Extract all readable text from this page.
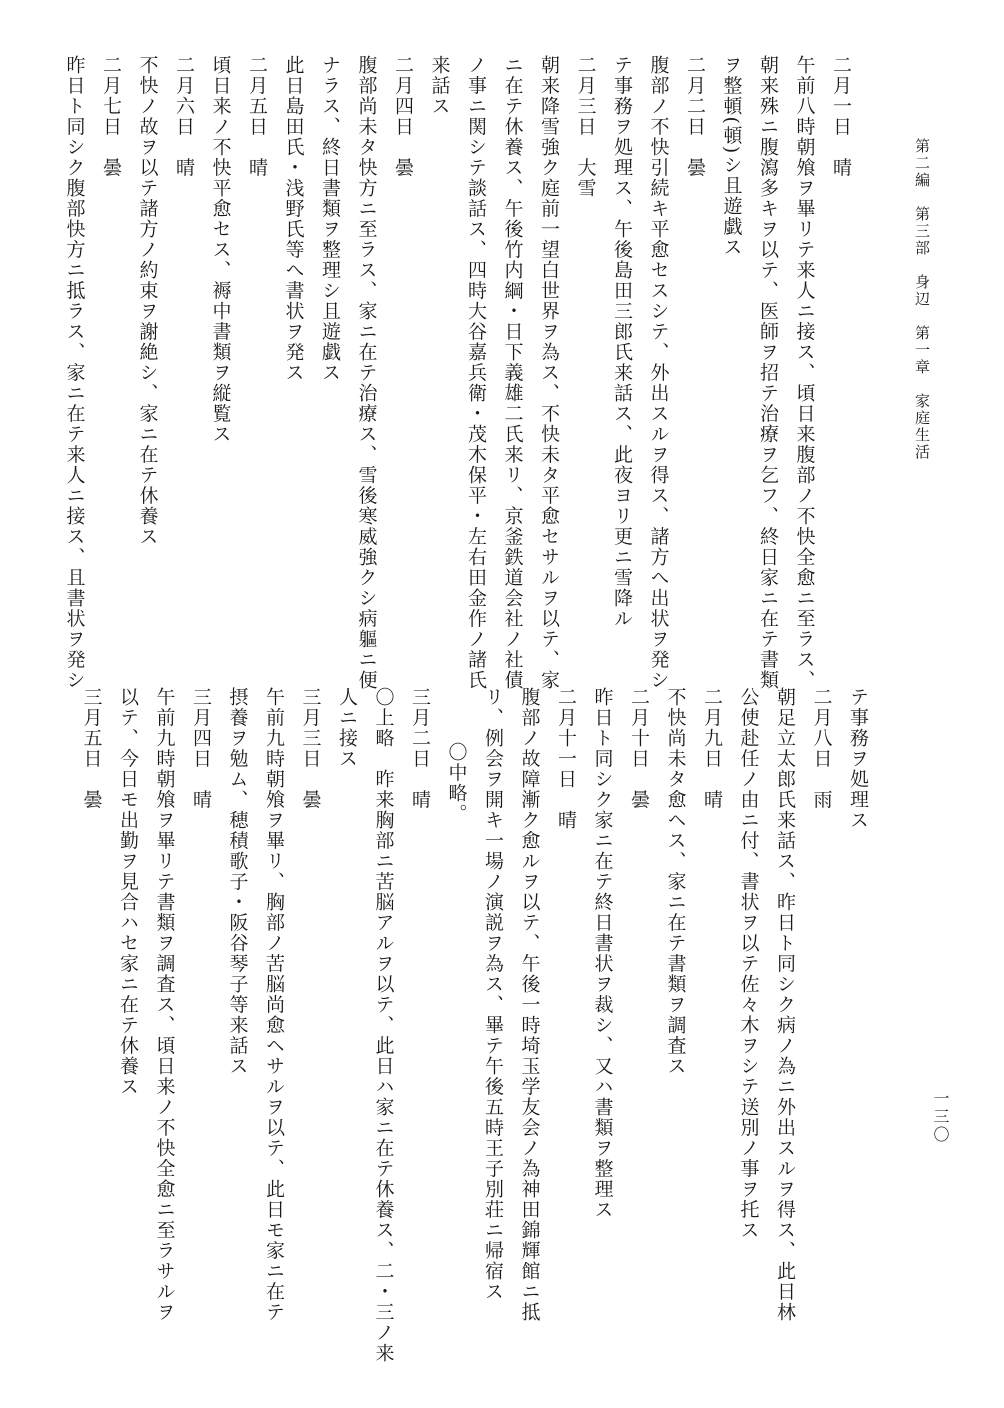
第二編　第三部　身辺　第一章　家庭生活
一三〇
二月一日　晴
午前八時朝飧ヲ畢リテ来人ニ接ス、頃日来腹部ノ不快全愈ニ至ラス、
朝来殊ニ腹瀉多キヲ以テ、医師ヲ招テ治療ヲ乞フ、終日家ニ在テ書類
ヲ整頓(頓)シ且遊戯ス
二月二日　曇
腹部ノ不快引続キ平愈セスシテ、外出スルヲ得ス、諸方へ出状ヲ発シ
テ事務ヲ処理ス、午後島田三郎氏来話ス、此夜ヨリ更ニ雪降ル
二月三日　大雪
朝来降雪強ク庭前一望白世界ヲ為ス、不快未タ平愈セサルヲ以テ、家
ニ在テ休養ス、午後竹内綱・日下義雄二氏来リ、京釜鉄道会社ノ社債
ノ事ニ関シテ談話ス、四時大谷嘉兵衛・茂木保平・左右田金作ノ諸氏
来話ス
二月四日　曇
腹部尚未タ快方ニ至ラス、家ニ在テ治療ス、雪後寒威強クシ病軀ニ便
ナラス、終日書類ヲ整理シ且遊戯ス
此日島田氏・浅野氏等へ書状ヲ発ス
二月五日　晴
頃日来ノ不快平愈セス、褥中書類ヲ縦覧ス
二月六日　晴
不快ノ故ヲ以テ諸方ノ約束ヲ謝絶シ、家ニ在テ休養ス
二月七日　曇
昨日ト同シク腹部快方ニ抵ラス、家ニ在テ来人ニ接ス、且書状ヲ発シ
テ事務ヲ処理ス
二月八日　雨
朝足立太郎氏来話ス、昨日ト同シク病ノ為ニ外出スルヲ得ス、此日林
公使赴任ノ由ニ付、書状ヲ以テ佐々木ヲシテ送別ノ事ヲ托ス
二月九日　晴
不快尚未タ愈ヘス、家ニ在テ書類ヲ調査ス
二月十日　曇
昨日ト同シク家ニ在テ終日書状ヲ裁シ、又ハ書類ヲ整理ス
二月十一日　晴
腹部ノ故障漸ク愈ルヲ以テ、午後一時埼玉学友会ノ為神田錦輝館ニ抵
リ、例会ヲ開キ一場ノ演説ヲ為ス、畢テ午後五時王子別荘ニ帰宿ス
〇中略。
三月二日　晴
〇上略　昨来胸部ニ苦脳アルヲ以テ、此日ハ家ニ在テ休養ス、二・三ノ来
人ニ接ス
三月三日　曇
午前九時朝飧ヲ畢リ、胸部ノ苦脳尚愈ヘサルヲ以テ、此日モ家ニ在テ
摂養ヲ勉ム、穂積歌子・阪谷琴子等来話ス
三月四日　晴
午前九時朝飧ヲ畢リテ書類ヲ調査ス、頃日来ノ不快全愈ニ至ラサルヲ
以テ、今日モ出勤ヲ見合ハセ家ニ在テ休養ス
三月五日　曇
